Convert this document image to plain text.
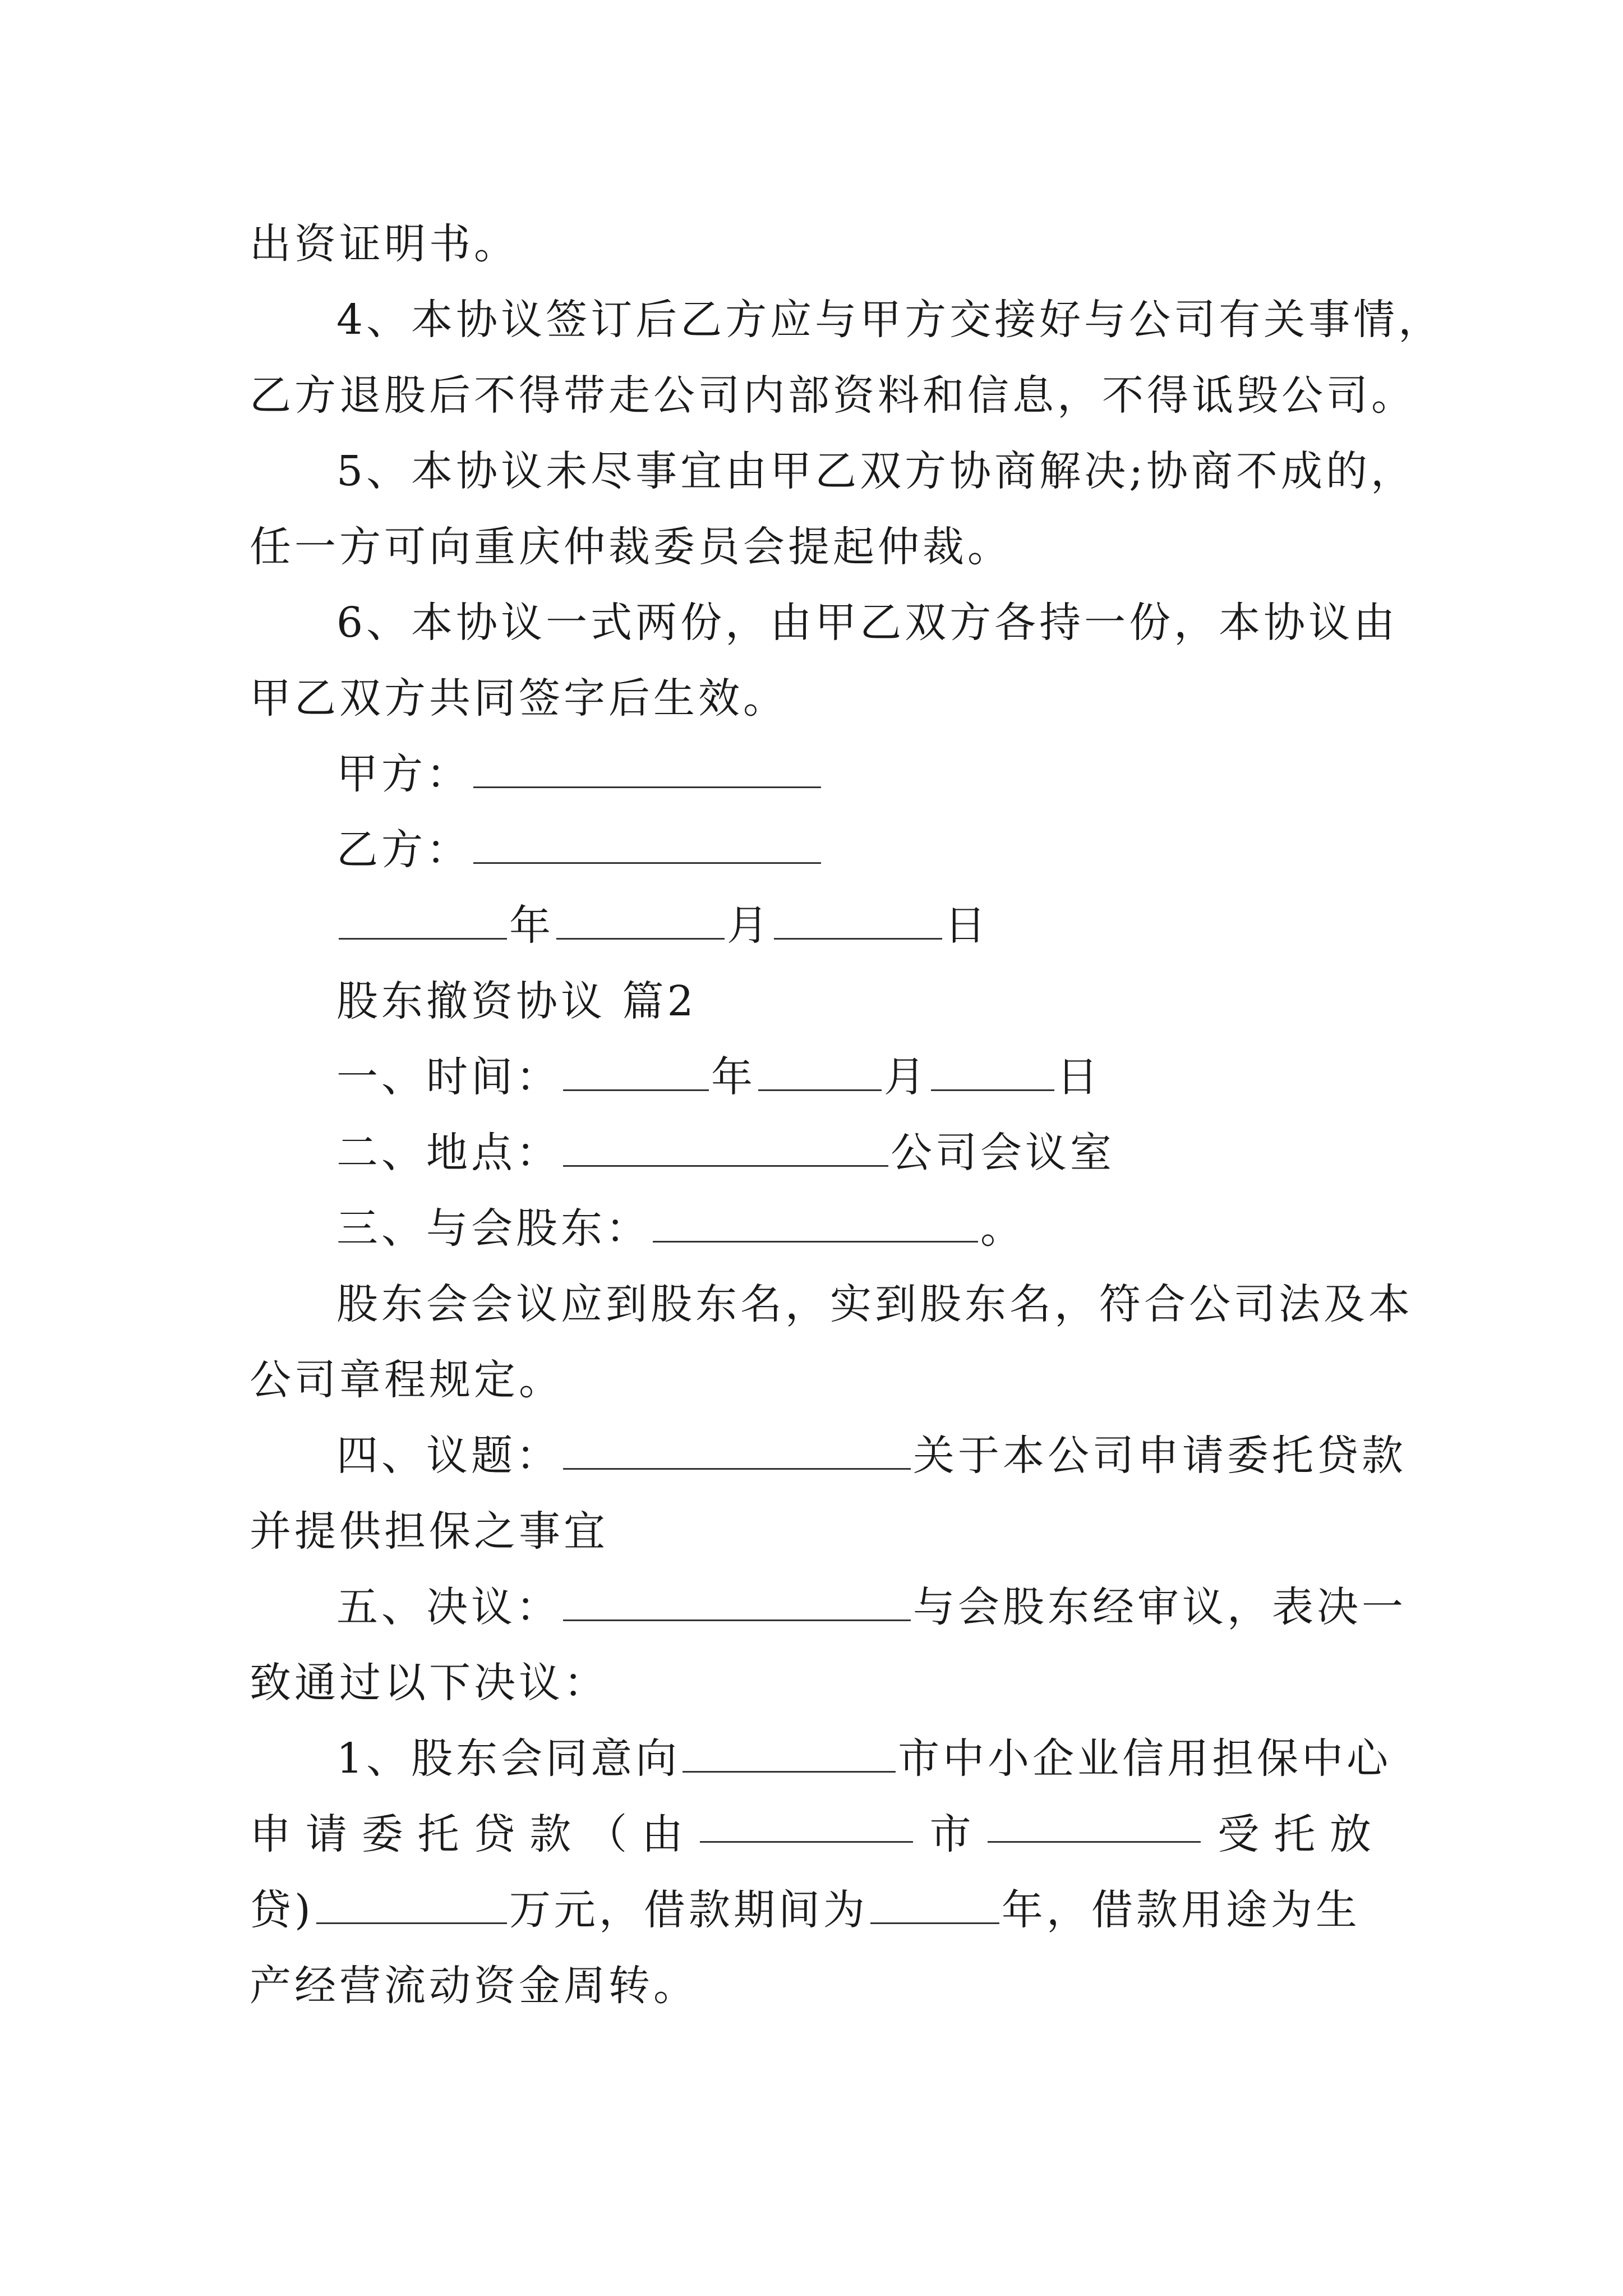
出资证明书。
4、本协议签订后乙方应与甲方交接好与公司有关事情，
乙方退股后不得带走公司内部资料和信息，不得诋毁公司。
5、本协议未尽事宜由甲乙双方协商解决;协商不成的，
任一方可向重庆仲裁委员会提起仲裁。
6、本协议一式两份，由甲乙双方各持一份，本协议由
甲乙双方共同签字后生效。
甲方：
乙方：
年	月	日
股东撤资协议 篇2
一、时间：	年	月	日
二、地点：	公司会议室
三、与会股东：	。
股东会会议应到股东名，实到股东名，符合公司法及本
公司章程规定。
四、议题：	关于本公司申请委托贷款
并提供担保之事宜
五、决议：	与会股东经审议，表决一
致通过以下决议：
1、股东会同意向	市中小企业信用担保中心
申 请 委 托 贷 款 （ 由	市	受 托 放
贷)	万元，借款期间为	年，借款用途为生
产经营流动资金周转。
